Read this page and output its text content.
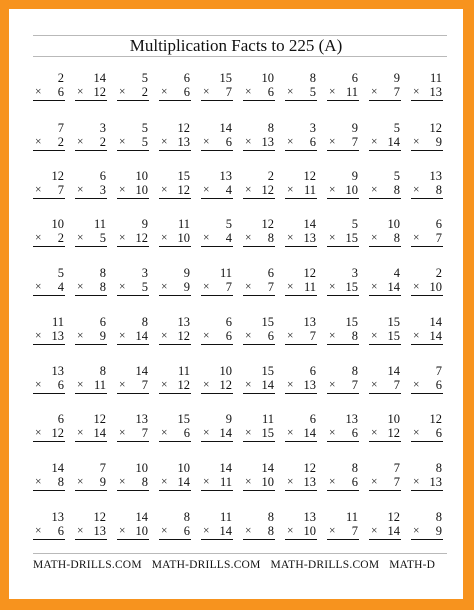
Multiplication Facts to 225 (A)
2
× 6
14
× 12
5
× 2
6
× 6
15
× 7
10
× 6
8
× 5
6
× 11
9
× 7
11
× 13
7
× 2
3
× 2
5
× 5
12
× 13
14
× 6
8
× 13
3
× 6
9
× 7
5
× 14
12
× 9
12
× 7
6
× 3
10
× 10
15
× 12
13
× 4
2
× 12
12
× 11
9
× 10
5
× 8
13
× 8
10
× 2
11
× 5
9
× 12
11
× 10
5
× 4
12
× 8
14
× 13
5
× 15
10
× 8
6
× 7
5
× 4
8
× 8
3
× 5
9
× 9
11
× 7
6
× 7
12
× 11
3
× 15
4
× 14
2
× 10
11
× 13
6
× 9
8
× 14
13
× 12
6
× 6
15
× 6
13
× 7
15
× 8
15
× 15
14
× 14
13
× 6
8
× 11
14
× 7
11
× 12
10
× 12
15
× 14
6
× 13
8
× 7
14
× 7
7
× 6
6
× 12
12
× 14
13
× 7
15
× 6
9
× 14
11
× 15
6
× 14
13
× 6
10
× 12
12
× 6
14
× 8
7
× 9
10
× 8
10
× 14
14
× 11
14
× 10
12
× 13
8
× 6
7
× 7
8
× 13
13
× 6
12
× 13
14
× 10
8
× 6
11
× 14
8
× 8
13
× 10
11
× 7
12
× 14
8
× 9
MATH-DRILLS.COM MATH-DRILLS.COM MATH-DRILLS.COM MATH-D
